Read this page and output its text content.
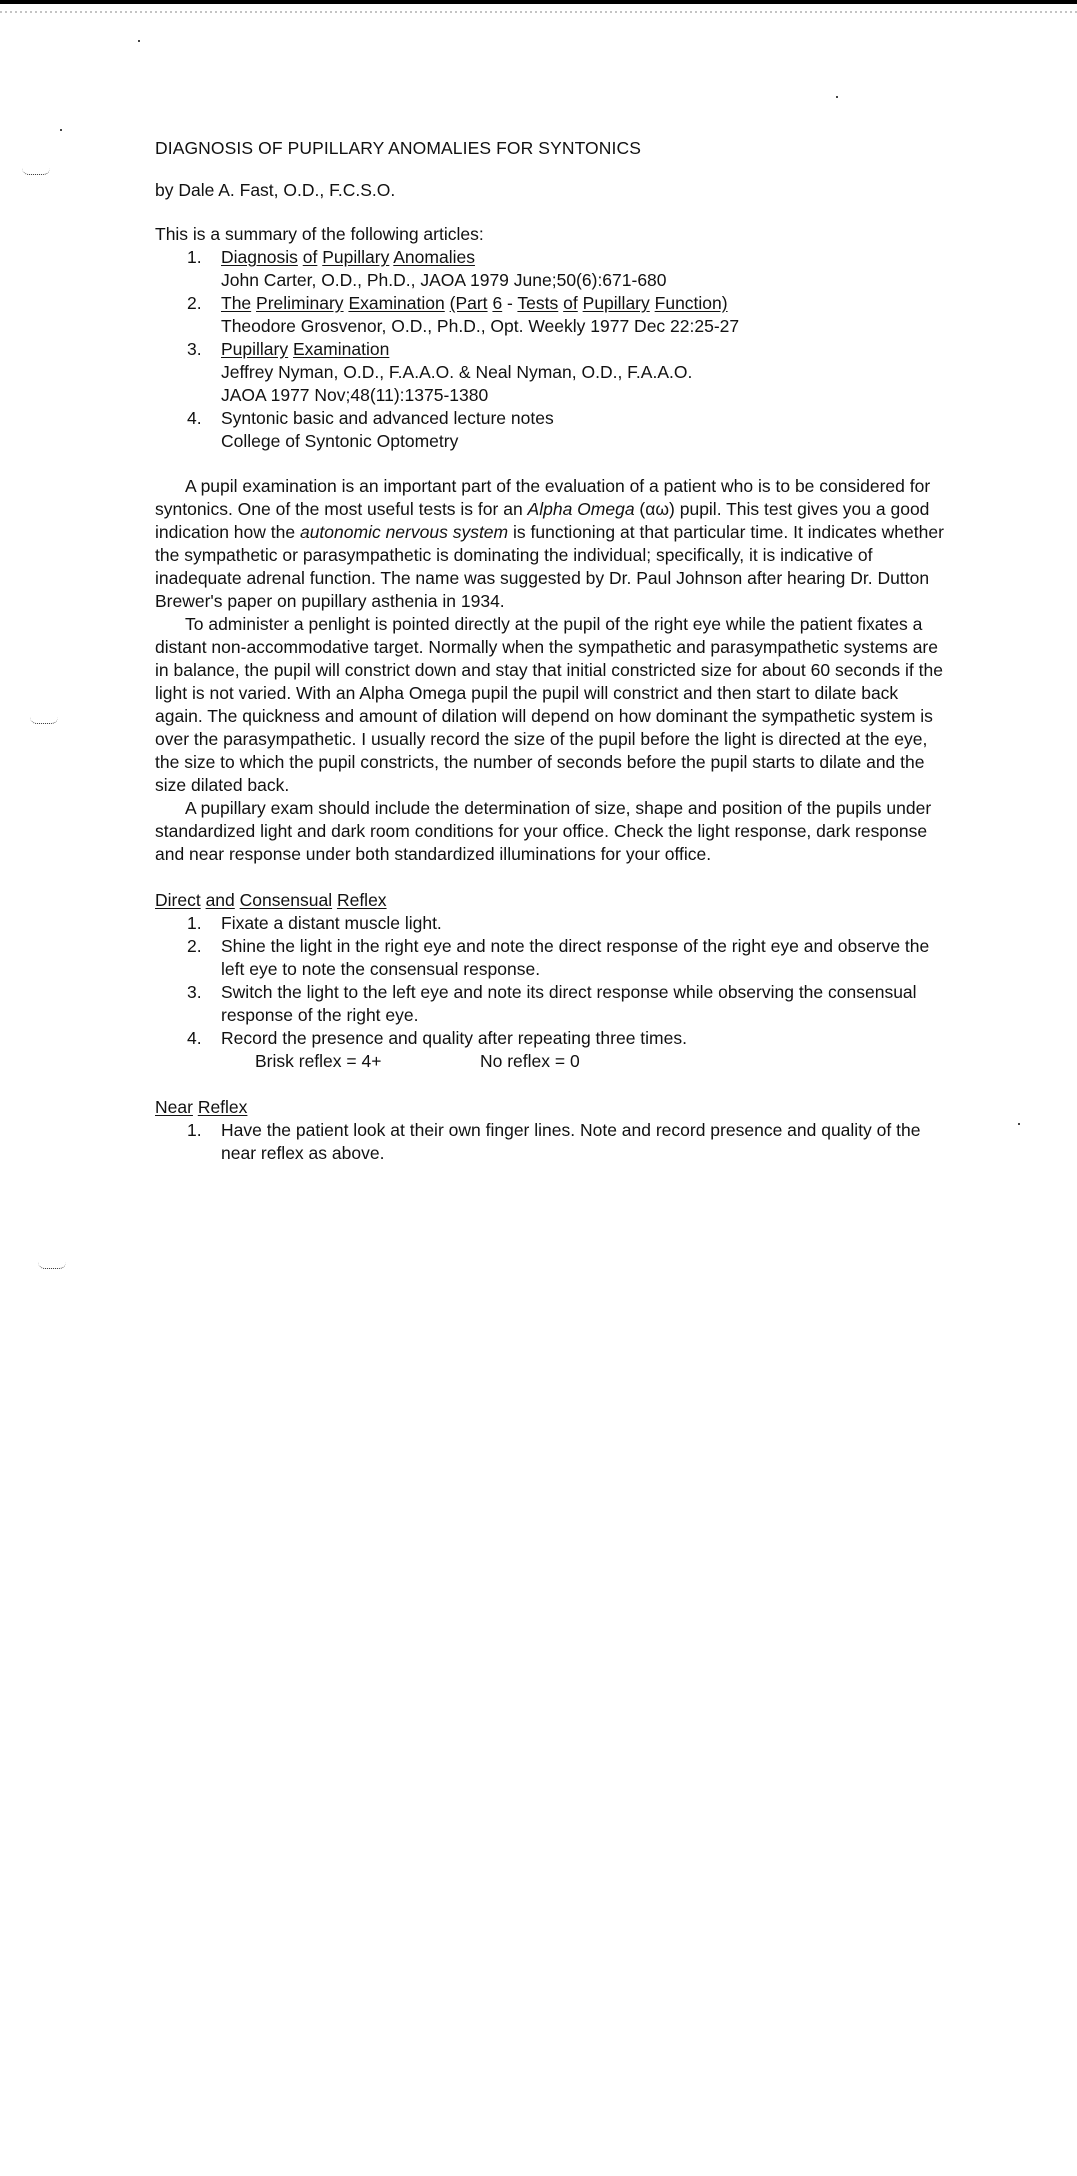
DIAGNOSIS OF PUPILLARY ANOMALIES FOR SYNTONICS

by Dale A. Fast, O.D., F.C.S.O.

This is a summary of the following articles:

1. Diagnosis of Pupillary Anomalies
John Carter, O.D., Ph.D., JAOA 1979 June;50(6):671-680
2. The Preliminary Examination (Part 6 - Tests of Pupillary Function)
Theodore Grosvenor, O.D., Ph.D., Opt. Weekly 1977 Dec 22:25-27
3. Pupillary Examination
Jeffrey Nyman, O.D., F.A.A.O. & Neal Nyman, O.D., F.A.A.O.
JAOA 1977 Nov;48(11):1375-1380
4. Syntonic basic and advanced lecture notes
College of Syntonic Optometry

A pupil examination is an important part of the evaluation of a patient who is to be considered for syntonics. One of the most useful tests is for an Alpha Omega (αω) pupil. This test gives you a good indication how the autonomic nervous system is functioning at that particular time. It indicates whether the sympathetic or parasympathetic is dominating the individual; specifically, it is indicative of inadequate adrenal function. The name was suggested by Dr. Paul Johnson after hearing Dr. Dutton Brewer's paper on pupillary asthenia in 1934.

To administer a penlight is pointed directly at the pupil of the right eye while the patient fixates a distant non-accommodative target. Normally when the sympathetic and parasympathetic systems are in balance, the pupil will constrict down and stay that initial constricted size for about 60 seconds if the light is not varied. With an Alpha Omega pupil the pupil will constrict and then start to dilate back again. The quickness and amount of dilation will depend on how dominant the sympathetic system is over the parasympathetic. I usually record the size of the pupil before the light is directed at the eye, the size to which the pupil constricts, the number of seconds before the pupil starts to dilate and the size dilated back.

A pupillary exam should include the determination of size, shape and position of the pupils under standardized light and dark room conditions for your office. Check the light response, dark response and near response under both standardized illuminations for your office.

Direct and Consensual Reflex
1. Fixate a distant muscle light.
2. Shine the light in the right eye and note the direct response of the right eye and observe the left eye to note the consensual response.
3. Switch the light to the left eye and note its direct response while observing the consensual response of the right eye.
4. Record the presence and quality after repeating three times.
Brisk reflex = 4+	No reflex = 0
Near Reflex
1. Have the patient look at their own finger lines. Note and record presence and quality of the near reflex as above.
